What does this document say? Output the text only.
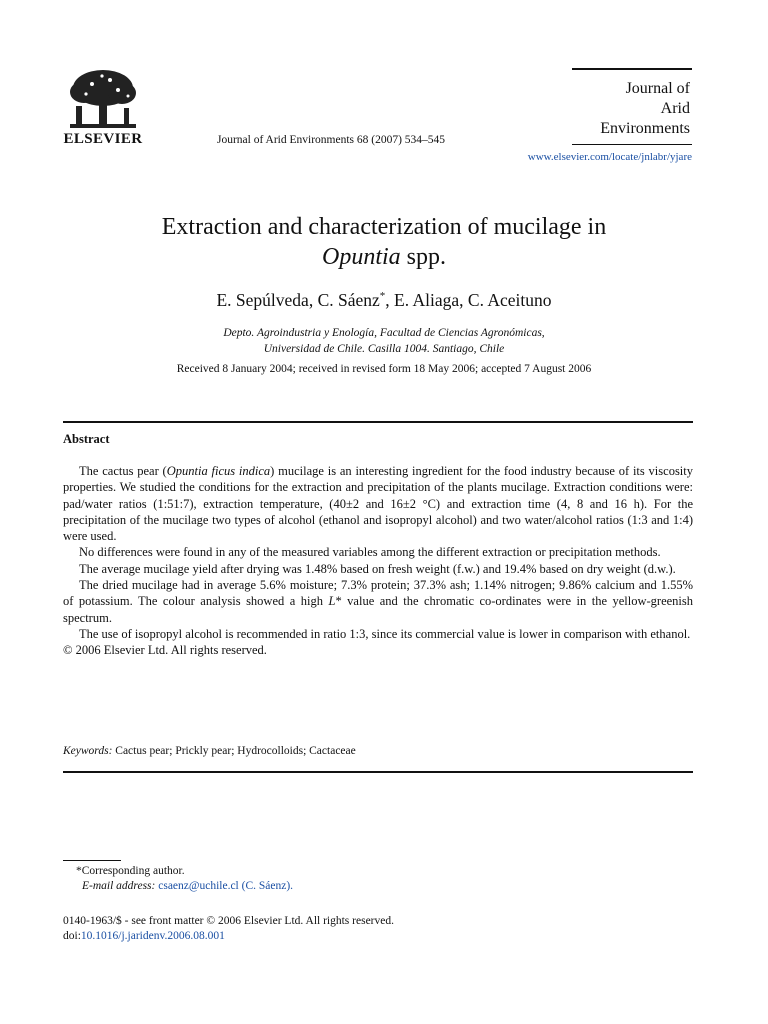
ELSEVIER	Journal of Arid Environments 68 (2007) 534–545
Journal of
Arid
Environments
www.elsevier.com/locate/jnlabr/yjare
Extraction and characterization of mucilage in
Opuntia spp.
E. Sepúlveda, C. Sáenz*, E. Aliaga, C. Aceituno
Depto. Agroindustria y Enología, Facultad de Ciencias Agronómicas,
Universidad de Chile. Casilla 1004. Santiago, Chile
Received 8 January 2004; received in revised form 18 May 2006; accepted 7 August 2006
Abstract

The cactus pear (Opuntia ficus indica) mucilage is an interesting ingredient for the food industry because of its viscosity properties. We studied the conditions for the extraction and precipitation of the plants mucilage. Extraction conditions were: pad/water ratios (1:51:7), extraction temperature, (40±2 and 16±2 °C) and extraction time (4, 8 and 16 h). For the precipitation of the mucilage two types of alcohol (ethanol and isopropyl alcohol) and two water/alcohol ratios (1:3 and 1:4) were used.

No differences were found in any of the measured variables among the different extraction or precipitation methods.

The average mucilage yield after drying was 1.48% based on fresh weight (f.w.) and 19.4% based on dry weight (d.w.).

The dried mucilage had in average 5.6% moisture; 7.3% protein; 37.3% ash; 1.14% nitrogen; 9.86% calcium and 1.55% of potassium. The colour analysis showed a high L* value and the chromatic co-ordinates were in the yellow-greenish spectrum.

The use of isopropyl alcohol is recommended in ratio 1:3, since its commercial value is lower in comparison with ethanol.

© 2006 Elsevier Ltd. All rights reserved.

Keywords: Cactus pear; Prickly pear; Hydrocolloids; Cactaceae
*Corresponding author.
E-mail address: csaenz@uchile.cl (C. Sáenz).
0140-1963/$ - see front matter © 2006 Elsevier Ltd. All rights reserved.
doi:10.1016/j.jaridenv.2006.08.001
